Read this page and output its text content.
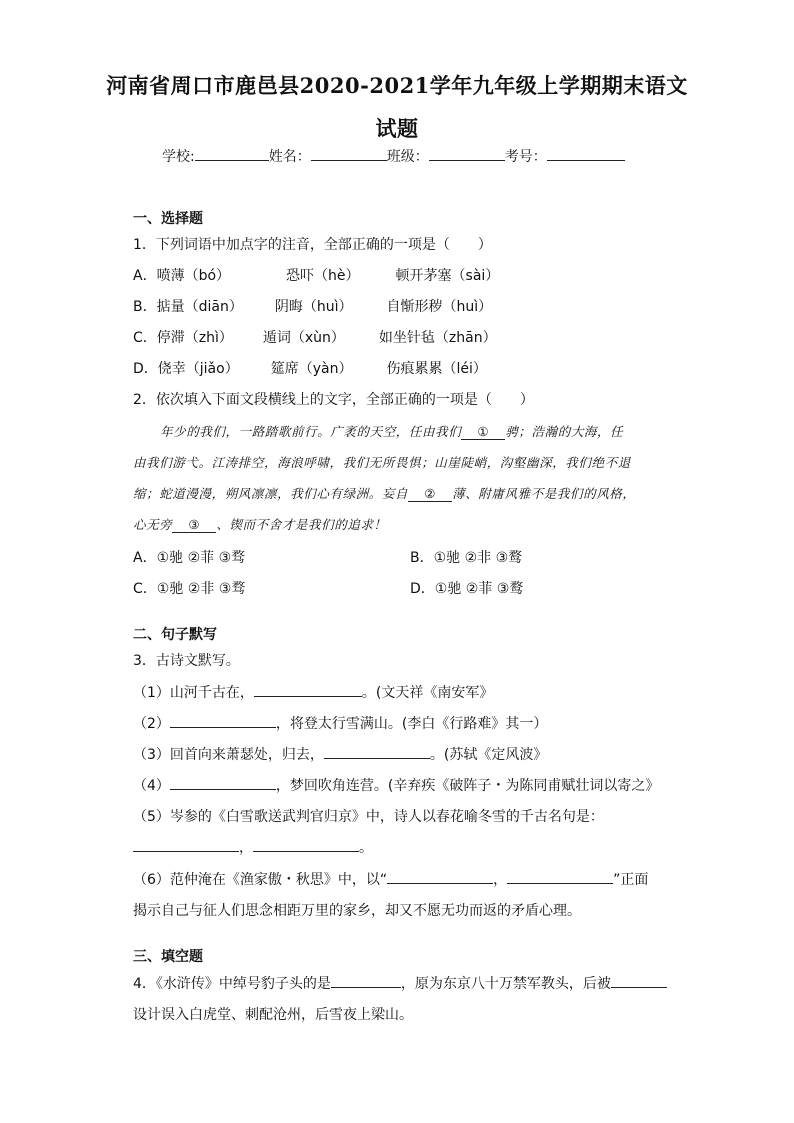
河南省周口市鹿邑县2020-2021学年九年级上学期期末语文
试题
学校:	姓名：	班级：	考号：
一、选择题
1．下列词语中加点字的注音，全部正确的一项是（　　）
A．喷薄（bó）	恐吓（hè）	顿开茅塞（sài）
B．掂量（diān） 阴晦（huì） 自惭形秽（huì）
C．停滞（zhì） 遁词（xùn） 如坐针毡（zhān）
D．侥幸（jiǎo） 筵席（yàn） 伤痕累累（léi）
2．依次填入下面文段横线上的文字，全部正确的一项是（　　）
年少的我们，一路踏歌前行。广袤的天空，任由我们 ① 骋；浩瀚的大海，任
由我们游弋。江涛排空，海浪呼啸，我们无所畏惧；山崖陡峭，沟壑幽深，我们绝不退
缩；蛇道漫漫，朔风凛凛，我们心有绿洲。妄自 ② 薄、附庸风雅不是我们的风格，
心无旁 ③ 、锲而不舍才是我们的追求！
A．①驰 ②菲 ③骛	B．①驰 ②非 ③鹜
C．①驰 ②非 ③骛	D．①驰 ②菲 ③鹜
二、句子默写
3．古诗文默写。
（1）山河千古在，	。(文天祥《南安军》
（2）	，将登太行雪满山。(李白《行路难》其一）
（3）回首向来萧瑟处，归去，	。(苏轼《定风波》
（4）	，梦回吹角连营。(辛弃疾《破阵子・为陈同甫赋壮词以寄之》
（5）岑参的《白雪歌送武判官归京》中，诗人以春花喻冬雪的千古名句是：
，	。
（6）范仲淹在《渔家傲・秋思》中，以“	，	”正面
揭示自己与征人们思念相距万里的家乡，却又不愿无功而返的矛盾心理。
三、填空题
4．《水浒传》中绰号豹子头的是	，原为东京八十万禁军教头，后被
设计误入白虎堂、刺配沧州，后雪夜上梁山。
